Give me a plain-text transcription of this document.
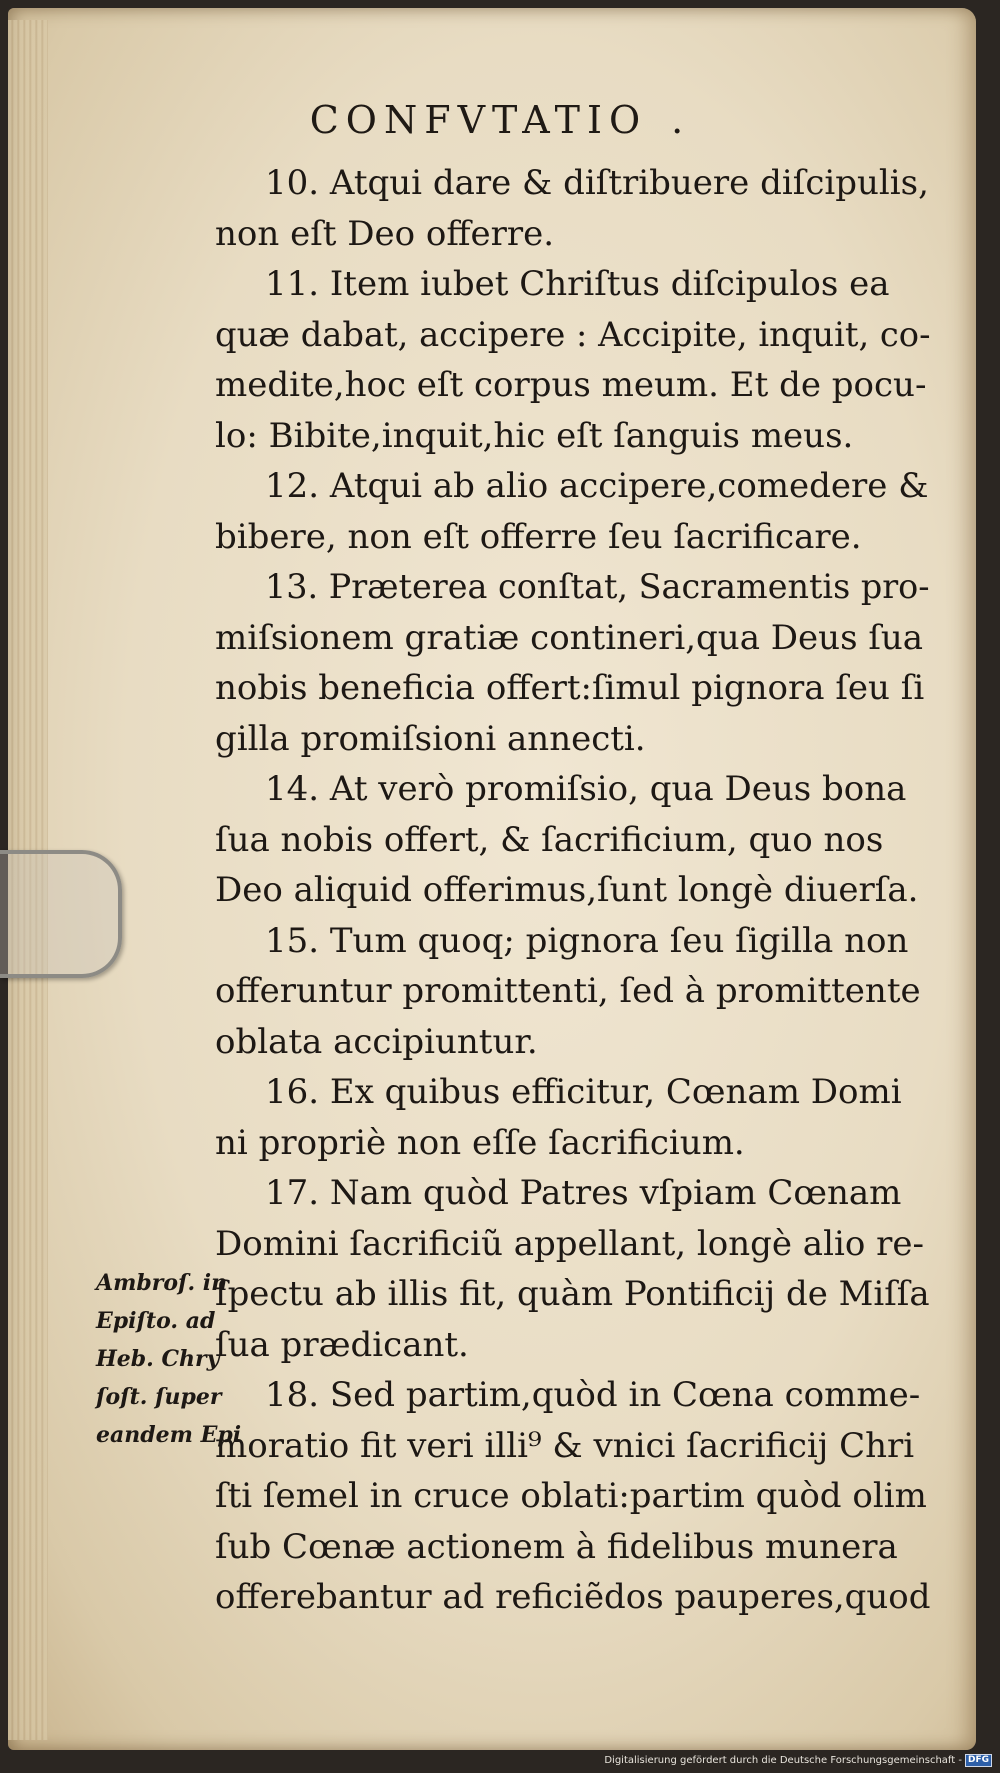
CONFVTATIO .
10. Atqui dare & diſtribuere diſcipulis,
non eſt Deo offerre.
11. Item iubet Chriſtus diſcipulos ea
quæ dabat, accipere : Accipite, inquit, co-
medite,hoc eſt corpus meum. Et de pocu-
lo: Bibite,inquit,hic eſt ſanguis meus.
12. Atqui ab alio accipere,comedere &
bibere, non eſt offerre ſeu ſacrificare.
13. Præterea conſtat, Sacramentis pro-
miſsionem gratiæ contineri,qua Deus ſua
nobis beneficia offert:ſimul pignora ſeu ſi
gilla promiſsioni annecti.
14. At verò promiſsio, qua Deus bona
ſua nobis offert, & ſacrificium, quo nos
Deo aliquid offerimus,ſunt longè diuerſa.
15. Tum quoq; pignora ſeu ſigilla non
offeruntur promittenti, ſed à promittente
oblata accipiuntur.
16. Ex quibus efficitur, Cœnam Domi
ni propriè non eſſe ſacrificium.
17. Nam quòd Patres vſpiam Cœnam
Domini ſacrificiũ appellant, longè alio re-
ſpectu ab illis fit, quàm Pontificij de Miſſa
ſua prædicant.
18. Sed partim,quòd in Cœna comme-
moratio fit veri illi⁹ & vnici ſacrificij Chri
ſti ſemel in cruce oblati:partim quòd olim
ſub Cœnæ actionem à fidelibus munera
offerebantur ad reficiẽdos pauperes,quod
Ambroſ. in
Epiſto. ad
Heb. Chry
ſoſt. ſuper
eandem Epi
Digitalisierung gefördert durch die Deutsche Forschungsgemeinschaft - DFG
